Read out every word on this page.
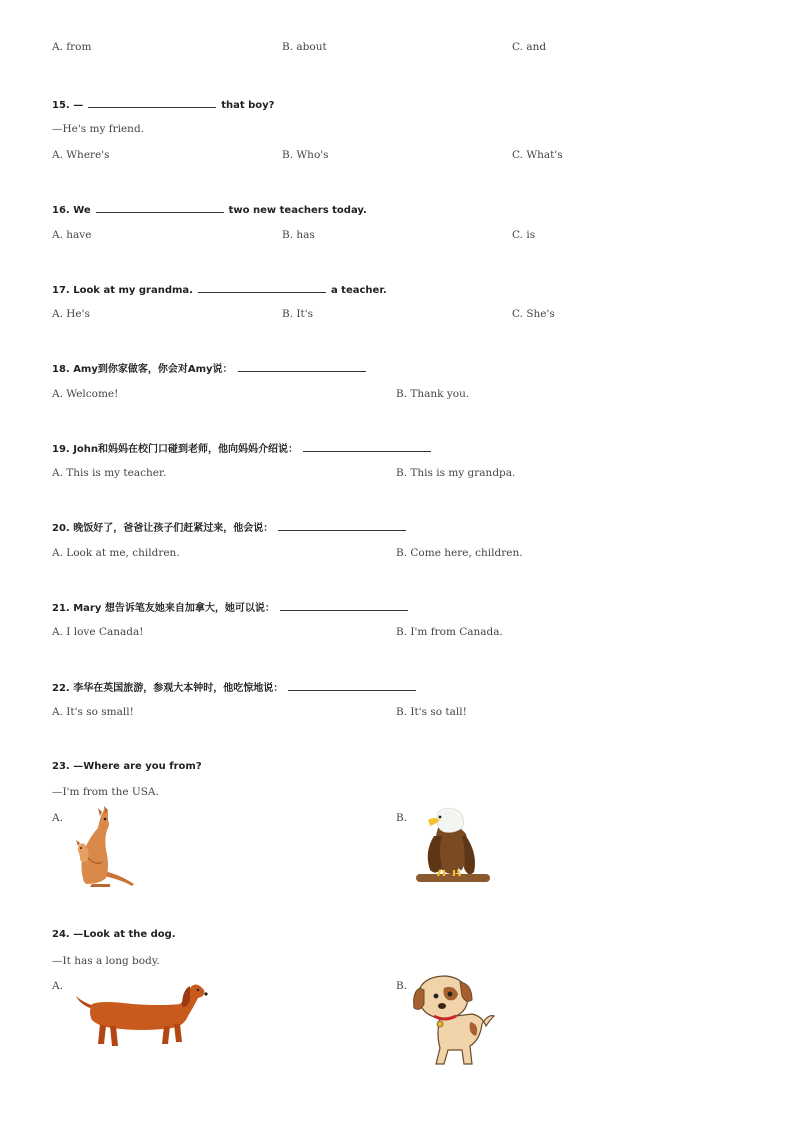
A. from	B. about	C. and
15. —	that boy?
—He's my friend.
A. Where's	B. Who's	C. What's
16. We	two new teachers today.
A. have	B. has	C. is
17. Look at my grandma.	a teacher.
A. He's	B. It's	C. She's
18. Amy到你家做客，你会对Amy说：
A. Welcome!	B. Thank you.
19. John和妈妈在校门口碰到老师，他向妈妈介绍说：
A. This is my teacher.	B. This is my grandpa.
20. 晚饭好了，爸爸让孩子们赶紧过来，他会说：
A. Look at me, children.	B. Come here, children.
21. Mary 想告诉笔友她来自加拿大，她可以说：
A. I love Canada!	B. I'm from Canada.
22. 李华在英国旅游，参观大本钟时，他吃惊地说：
A. It's so small!	B. It's so tall!
23. —Where are you from?
—I'm from the USA.
A.	B.
24. —Look at the dog.
—It has a long body.
A.	B.
